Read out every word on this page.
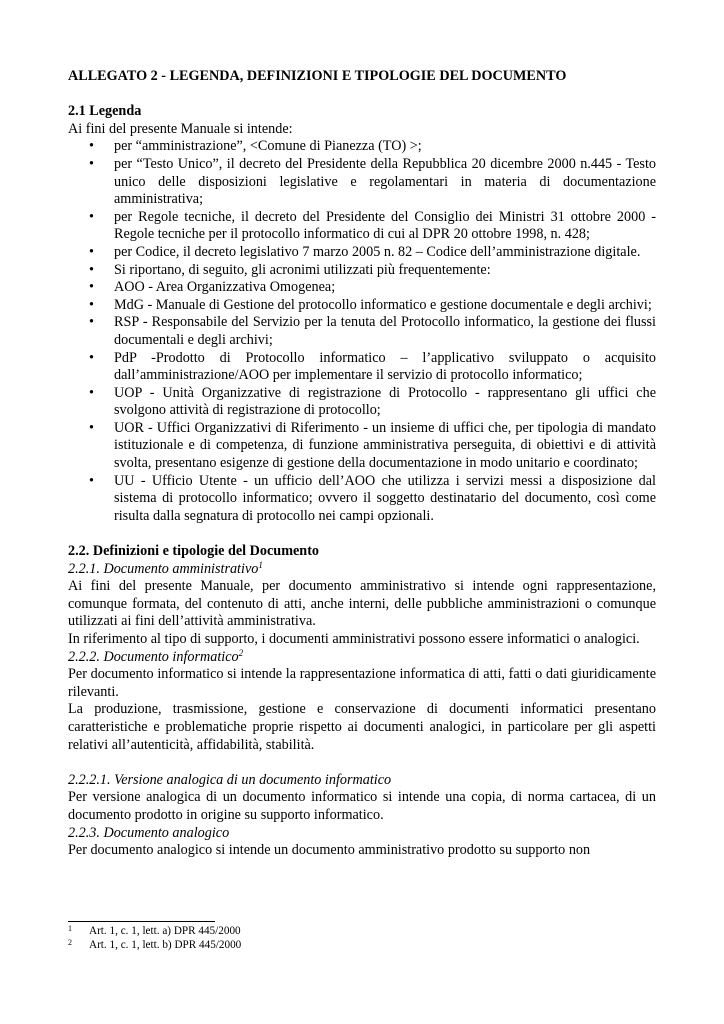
ALLEGATO 2 - LEGENDA, DEFINIZIONI E TIPOLOGIE DEL DOCUMENTO

2.1 Legenda

Ai fini del presente Manuale si intende:

• per “amministrazione”, <Comune di Pianezza (TO) >;
• per “Testo Unico”, il decreto del Presidente della Repubblica 20 dicembre 2000 n.445 - Testo unico delle disposizioni legislative e regolamentari in materia di documentazione amministrativa;
• per Regole tecniche, il decreto del Presidente del Consiglio dei Ministri 31 ottobre 2000 - Regole tecniche per il protocollo informatico di cui al DPR 20 ottobre 1998, n. 428;
• per Codice, il decreto legislativo 7 marzo 2005 n. 82 – Codice dell’amministrazione digitale.
• Si riportano, di seguito, gli acronimi utilizzati più frequentemente:
• AOO - Area Organizzativa Omogenea;
• MdG - Manuale di Gestione del protocollo informatico e gestione documentale e degli archivi;
• RSP - Responsabile del Servizio per la tenuta del Protocollo informatico, la gestione dei flussi documentali e degli archivi;
• PdP -Prodotto di Protocollo informatico – l’applicativo sviluppato o acquisito dall’amministrazione/AOO per implementare il servizio di protocollo informatico;
• UOP - Unità Organizzative di registrazione di Protocollo - rappresentano gli uffici che svolgono attività di registrazione di protocollo;
• UOR - Uffici Organizzativi di Riferimento - un insieme di uffici che, per tipologia di mandato istituzionale e di competenza, di funzione amministrativa perseguita, di obiettivi e di attività svolta, presentano esigenze di gestione della documentazione in modo unitario e coordinato;
• UU - Ufficio Utente - un ufficio dell’AOO che utilizza i servizi messi a disposizione dal sistema di protocollo informatico; ovvero il soggetto destinatario del documento, così come risulta dalla segnatura di protocollo nei campi opzionali.

2.2. Definizioni e tipologie del Documento

2.2.1. Documento amministrativo$^1$

Ai fini del presente Manuale, per documento amministrativo si intende ogni rappresentazione, comunque formata, del contenuto di atti, anche interni, delle pubbliche amministrazioni o comunque utilizzati ai fini dell’attività amministrativa.

In riferimento al tipo di supporto, i documenti amministrativi possono essere informatici o analogici.

2.2.2. Documento informatico$^2$

Per documento informatico si intende la rappresentazione informatica di atti, fatti o dati giuridicamente rilevanti.

La produzione, trasmissione, gestione e conservazione di documenti informatici presentano caratteristiche e problematiche proprie rispetto ai documenti analogici, in particolare per gli aspetti relativi all’autenticità, affidabilità, stabilità.

2.2.2.1. Versione analogica di un documento informatico

Per versione analogica di un documento informatico si intende una copia, di norma cartacea, di un documento prodotto in origine su supporto informatico.

2.2.3. Documento analogico

Per documento analogico si intende un documento amministrativo prodotto su supporto non

1 Art. 1, c. 1, lett. a) DPR 445/2000
2 Art. 1, c. 1, lett. b) DPR 445/2000
